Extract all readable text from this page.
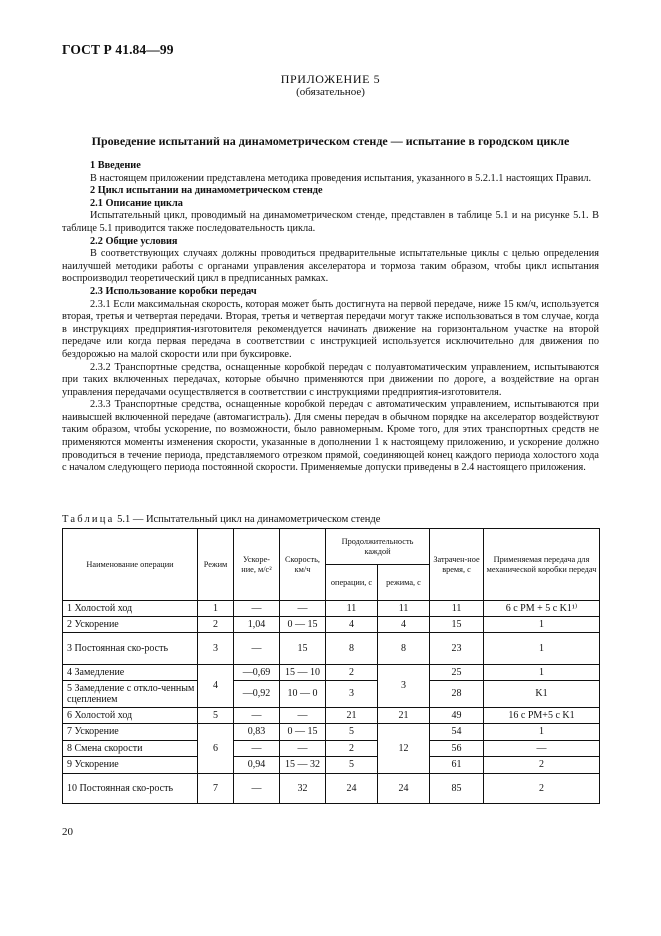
ГОСТ Р 41.84—99
ПРИЛОЖЕНИЕ 5
(обязательное)
Проведение испытаний на динамометрическом стенде — испытание в городском цикле
1 Введение
В настоящем приложении представлена методика проведения испытания, указанного в 5.2.1.1 настоящих Правил.
2 Цикл испытании на динамометрическом стенде
2.1 Описание цикла
Испытательный цикл, проводимый на динамометрическом стенде, представлен в таблице 5.1 и на рисунке 5.1. В таблице 5.1 приводится также последовательность цикла.
2.2 Общие условия
В соответствующих случаях должны проводиться предварительные испытательные циклы с целью определения наилучшей методики работы с органами управления акселератора и тормоза таким образом, чтобы цикл испытания воспроизводил теоретический цикл в предписанных рамках.
2.3 Использование коробки передач
2.3.1 Если максимальная скорость, которая может быть достигнута на первой передаче, ниже 15 км/ч, используется вторая, третья и четвертая передачи. Вторая, третья и четвертая передачи могут также использоваться в том случае, когда в инструкциях предприятия-изготовителя рекомендуется начинать движение на горизонтальном участке на второй передаче или когда первая передача в соответствии с инструкцией используется исключительно для движения по бездорожью на малой скорости или при буксировке.
2.3.2 Транспортные средства, оснащенные коробкой передач с полуавтоматическим управлением, испытываются при таких включенных передачах, которые обычно применяются при движении по дороге, а воздействие на орган управления передачами осуществляется в соответствии с инструкциями предприятия-изготовителя.
2.3.3 Транспортные средства, оснащенные коробкой передач с автоматическим управлением, испытываются при наивысшей включенной передаче (автомагистраль). Для смены передач в обычном порядке на акселератор воздействуют таким образом, чтобы ускорение, по возможности, было равномерным. Кроме того, для этих транспортных средств не применяются моменты изменения скорости, указанные в дополнении 1 к настоящему приложению, и ускорение должно проводиться в течение периода, представляемого отрезком прямой, соединяющей конец каждого периода холостого хода с началом следующего периода постоянной скорости. Применяемые допуски приведены в 2.4 настоящего приложения.
Таблица 5.1 — Испытательный цикл на динамометрическом стенде
Наименование операции	Режим	Ускоре-ние, м/с²	Скорость, км/ч	Продолжительность каждой		Затрачен-ное время, с	Применяемая передача для механической коробки передач
				операции, с	режима, с		
1 Холостой ход	1	—	—	11	11	11	6 с PM + 5 с K1¹⁾
2 Ускорение	2	1,04	0 — 15	4	4	15	1
3 Постоянная ско-рость	3	—	15	8	8	23	1
4 Замедление	4	—0,69	15 — 10	2	3	25	1
5 Замедление с откло-ченным сцеплением		—0,92	10 — 0	3		28	K1
6 Холостой ход	5	—	—	21	21	49	16 с PM+5 с K1
7 Ускорение	6	0,83	0 — 15	5	12	54	1
8 Смена скорости		—	—	2		56	—
9 Ускорение		0,94	15 — 32	5		61	2
10 Постоянная ско-рость	7	—	32	24	24	85	2
20
